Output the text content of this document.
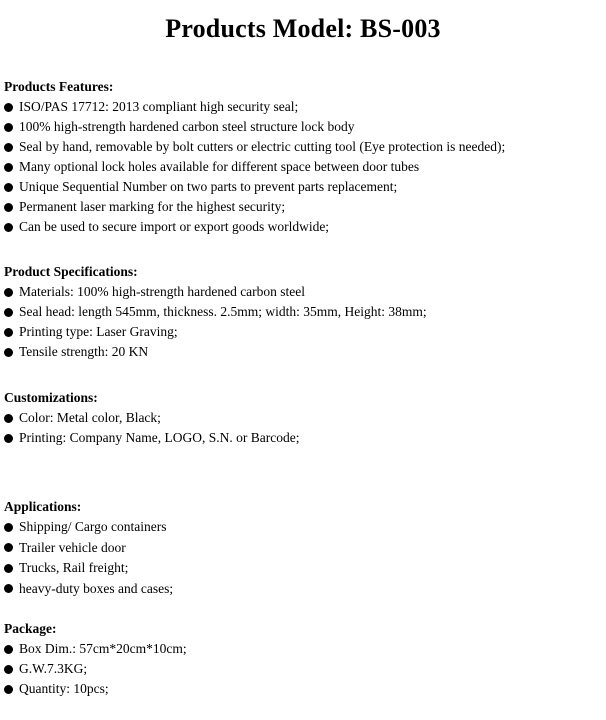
Products Model: BS-003
Products Features:
ISO/PAS 17712: 2013 compliant high security seal;
100% high-strength hardened carbon steel structure lock body
Seal by hand, removable by bolt cutters or electric cutting tool (Eye protection is needed);
Many optional lock holes available for different space between door tubes
Unique Sequential Number on two parts to prevent parts replacement;
Permanent laser marking for the highest security;
Can be used to secure import or export goods worldwide;
Product Specifications:
Materials: 100% high-strength hardened carbon steel
Seal head: length 545mm, thickness. 2.5mm; width: 35mm, Height: 38mm;
Printing type: Laser Graving;
Tensile strength: 20 KN
Customizations:
Color: Metal color, Black;
Printing: Company Name, LOGO, S.N. or Barcode;
Applications:
Shipping/ Cargo containers
Trailer vehicle door
Trucks, Rail freight;
heavy-duty boxes and cases;
Package:
Box Dim.: 57cm*20cm*10cm;
G.W.7.3KG;
Quantity: 10pcs;
